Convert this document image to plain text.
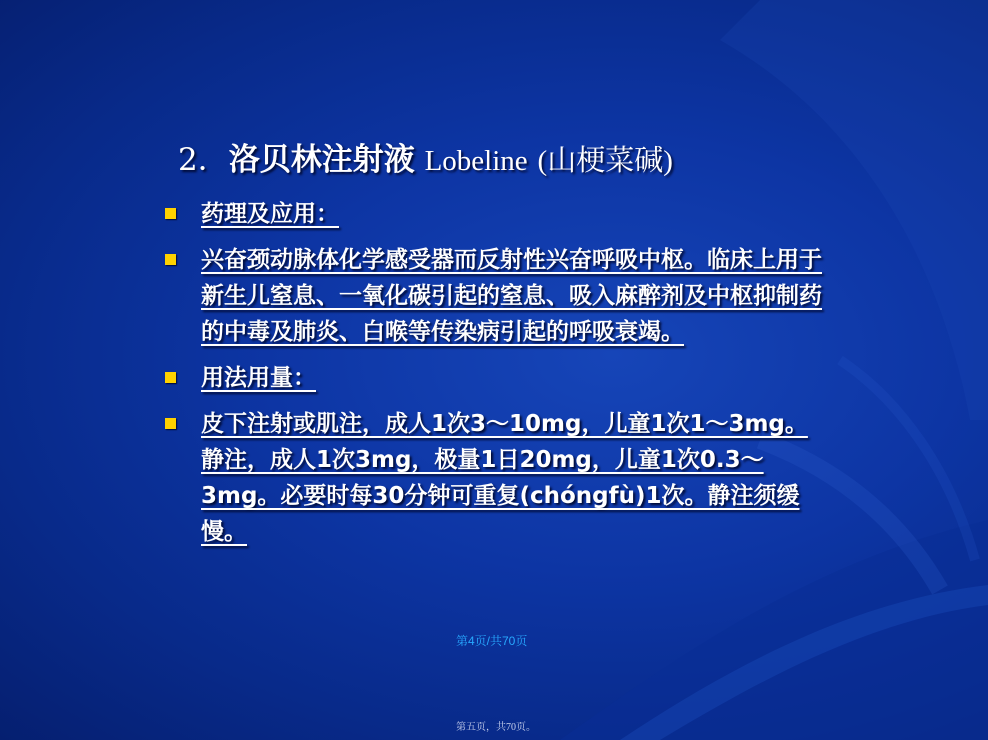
2．洛贝林注射液 Lobeline (山梗菜碱)
药理及应用：
兴奋颈动脉体化学感受器而反射性兴奋呼吸中枢。临床上用于新生儿窒息、一氧化碳引起的窒息、吸入麻醉剂及中枢抑制药的中毒及肺炎、白喉等传染病引起的呼吸衰竭。
用法用量：
皮下注射或肌注，成人1次3～10mg，儿童1次1～3mg。静注，成人1次3mg，极量1日20mg，儿童1次0.3～3mg。必要时每30分钟可重复(chóngfù)1次。静注须缓慢。
第4页/共70页
第五页，共70页。
